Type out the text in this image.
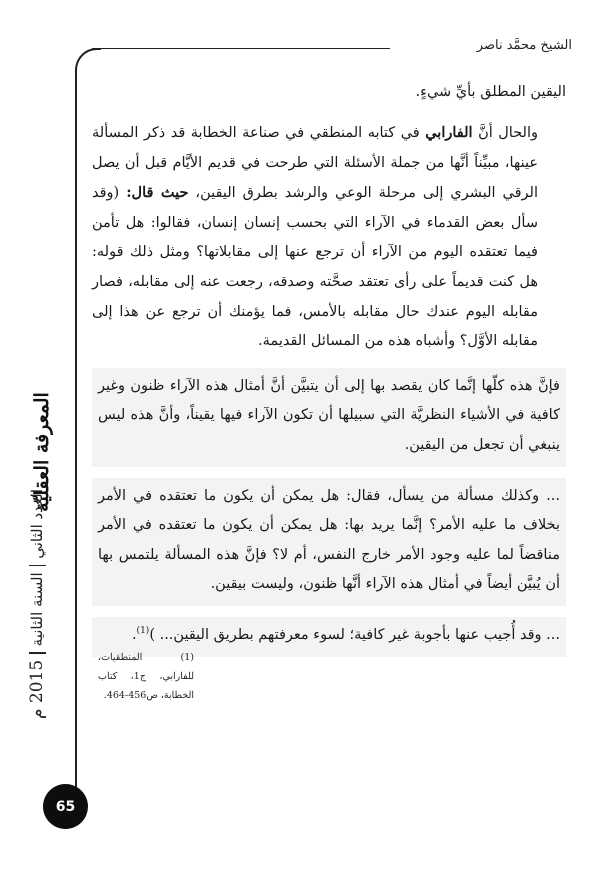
الشيخ محمَّد ناصر

اليقين المطلق بأيِّ شيءٍ.

والحال أنَّ الفارابي في كتابه المنطقي في صناعة الخطابة قد ذكر المسألة عينها، مبيِّناً أنَّها من جملة الأسئلة التي طرحت في قديم الأيَّام قبل أن يصل الرقي البشري إلى مرحلة الوعي والرشد بطرق اليقين، حيث قال: (وقد سأل بعض القدماء في الآراء التي بحسب إنسان إنسان، فقالوا: هل تأمن فيما تعتقده اليوم من الآراء أن ترجع عنها إلى مقابلاتها؟ ومثل ذلك قوله: هل كنت قديماً على رأى تعتقد صحَّته وصدقه، رجعت عنه إلى مقابله، فصار مقابله اليوم عندك حال مقابله بالأمس، فما يؤمنك أن ترجع عن هذا إلى مقابله الأوَّل؟ وأشباه هذه من المسائل القديمة.

فإنَّ هذه كلّها إنَّما كان يقصد بها إلى أن يتبيَّن أنَّ أمثال هذه الآراء ظنون وغير كافية في الأشياء النظريَّة التي سبيلها أن تكون الآراء فيها يقيناً، وأنَّ هذه ليس ينبغي أن تجعل من اليقين.

... وكذلك مسألة من يسأل، فقال: هل يمكن أن يكون ما تعتقده في الأمر بخلاف ما عليه الأمر؟ إنَّما يريد بها: هل يمكن أن يكون ما تعتقده في الأمر مناقضاً لما عليه وجود الأمر خارج النفس، أم لا؟ فإنَّ هذه المسألة يلتمس بها أن يُبيَّن أيضاً في أمثال هذه الآراء أنَّها ظنون، وليست بيقين.

... وقد أُجيب عنها بأجوبة غير كافية؛ لسوء معرفتهم بطريق اليقين... )$^{(1)}$.

المعرفة العقليّة
العدد الثاني
السنة الثانية
2015 م
(1) المنطقيات، للفارابي، ج1، كتاب الخطابة، ص456-464.
65
